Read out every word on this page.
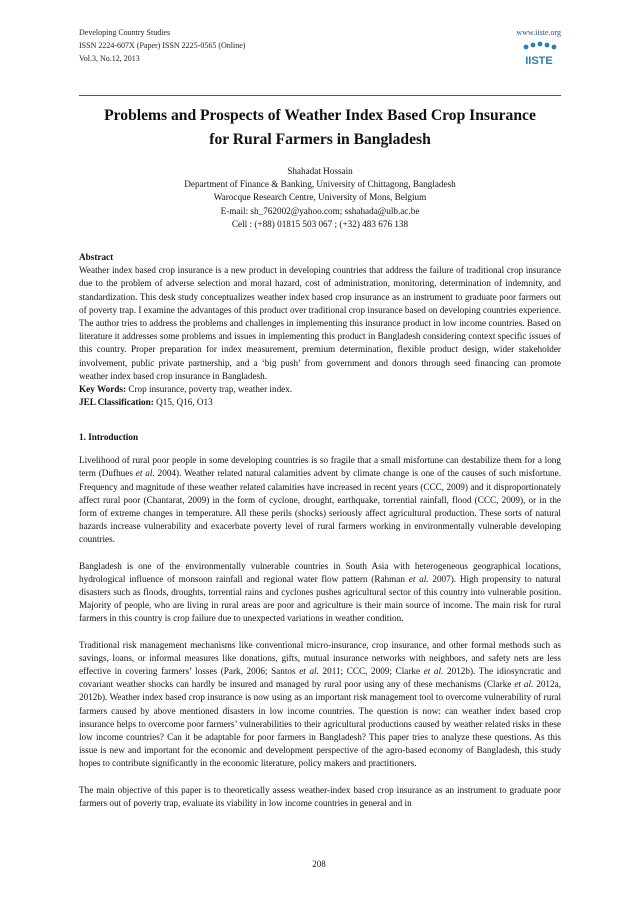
Developing Country Studies
ISSN 2224-607X (Paper) ISSN 2225-0565 (Online)
Vol.3, No.12, 2013
www.iiste.org
IISTE
Problems and Prospects of Weather Index Based Crop Insurance
for Rural Farmers in Bangladesh
Shahadat Hossain
Department of Finance & Banking, University of Chittagong, Bangladesh
Warocque Research Centre, University of Mons, Belgium
E-mail: sh_762002@yahoo.com; sshahada@ulb.ac.be
Cell : (+88) 01815 503 067 ; (+32) 483 676 138
Abstract

Weather index based crop insurance is a new product in developing countries that address the failure of traditional crop insurance due to the problem of adverse selection and moral hazard, cost of administration, monitoring, determination of indemnity, and standardization. This desk study conceptualizes weather index based crop insurance as an instrument to graduate poor farmers out of poverty trap. I examine the advantages of this product over traditional crop insurance based on developing countries experience. The author tries to address the problems and challenges in implementing this insurance product in low income countries. Based on literature it addresses some problems and issues in implementing this product in Bangladesh considering context specific issues of this country. Proper preparation for index measurement, premium determination, flexible product design, wider stakeholder involvement, public private partnership, and a ‘big push’ from government and donors through seed financing can promote weather index based crop insurance in Bangladesh.

Key Words: Crop insurance, poverty trap, weather index.
JEL Classification: Q15, Q16, O13
1. Introduction

Livelihood of rural poor people in some developing countries is so fragile that a small misfortune can destabilize them for a long term (Dufhues et al. 2004). Weather related natural calamities advent by climate change is one of the causes of such misfortune. Frequency and magnitude of these weather related calamities have increased in recent years (CCC, 2009) and it disproportionately affect rural poor (Chantarat, 2009) in the form of cyclone, drought, earthquake, torrential rainfall, flood (CCC, 2009), or in the form of extreme changes in temperature. All these perils (shocks) seriously affect agricultural production. These sorts of natural hazards increase vulnerability and exacerbate poverty level of rural farmers working in environmentally vulnerable developing countries.

Bangladesh is one of the environmentally vulnerable countries in South Asia with heterogeneous geographical locations, hydrological influence of monsoon rainfall and regional water flow pattern (Rahman et al. 2007). High propensity to natural disasters such as floods, droughts, torrential rains and cyclones pushes agricultural sector of this country into vulnerable position. Majority of people, who are living in rural areas are poor and agriculture is their main source of income. The main risk for rural farmers in this country is crop failure due to unexpected variations in weather condition.

Traditional risk management mechanisms like conventional micro-insurance, crop insurance, and other formal methods such as savings, loans, or informal measures like donations, gifts, mutual insurance networks with neighbors, and safety nets are less effective in covering farmers’ losses (Park, 2006; Santos et al. 2011; CCC, 2009; Clarke et al. 2012b). The idiosyncratic and covariant weather shocks can hardly be insured and managed by rural poor using any of these mechanisms (Clarke et al. 2012a, 2012b). Weather index based crop insurance is now using as an important risk management tool to overcome vulnerability of rural farmers caused by above mentioned disasters in low income countries. The question is now: can weather index based crop insurance helps to overcome poor farmers’ vulnerabilities to their agricultural productions caused by weather related risks in these low income countries? Can it be adaptable for poor farmers in Bangladesh? This paper tries to analyze these questions. As this issue is new and important for the economic and development perspective of the agro-based economy of Bangladesh, this study hopes to contribute significantly in the economic literature, policy makers and practitioners.

The main objective of this paper is to theoretically assess weather-index based crop insurance as an instrument to graduate poor farmers out of poverty trap, evaluate its viability in low income countries in general and in

208
